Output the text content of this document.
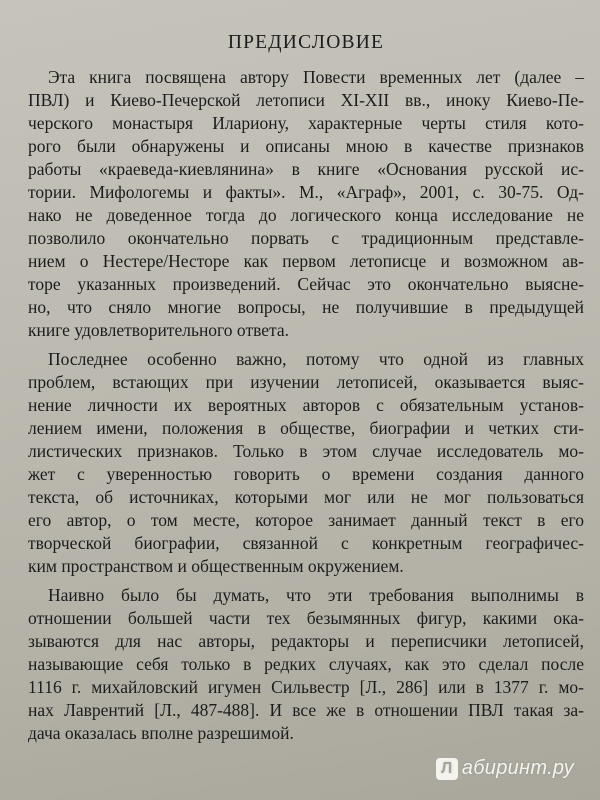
ПРЕДИСЛОВИЕ
Эта книга посвящена автору Повести временных лет (далее –
ПВЛ) и Киево-Печерской летописи XI-XII вв., иноку Киево-Пе-
черского монастыря Илариону, характерные черты стиля кото-
рого были обнаружены и описаны мною в качестве признаков
работы «краеведа-киевлянина» в книге «Основания русской ис-
тории. Мифологемы и факты». М., «Аграф», 2001, с. 30-75. Од-
нако не доведенное тогда до логического конца исследование не
позволило окончательно порвать с традиционным представле-
нием о Нестере/Несторе как первом летописце и возможном ав-
торе указанных произведений. Сейчас это окончательно выясне-
но, что сняло многие вопросы, не получившие в предыдущей
книге удовлетворительного ответа.
Последнее особенно важно, потому что одной из главных
проблем, встающих при изучении летописей, оказывается выяс-
нение личности их вероятных авторов с обязательным установ-
лением имени, положения в обществе, биографии и четких сти-
листических признаков. Только в этом случае исследователь мо-
жет с уверенностью говорить о времени создания данного
текста, об источниках, которыми мог или не мог пользоваться
его автор, о том месте, которое занимает данный текст в его
творческой биографии, связанной с конкретным географичес-
ким пространством и общественным окружением.
Наивно было бы думать, что эти требования выполнимы в
отношении большей части тех безымянных фигур, какими ока-
зываются для нас авторы, редакторы и переписчики летописей,
называющие себя только в редких случаях, как это сделал после
1116 г. михайловский игумен Сильвестр [Л., 286] или в 1377 г. мо-
нах Лаврентий [Л., 487-488]. И все же в отношении ПВЛ такая за-
дача оказалась вполне разрешимой.
Л абиринт.ру
